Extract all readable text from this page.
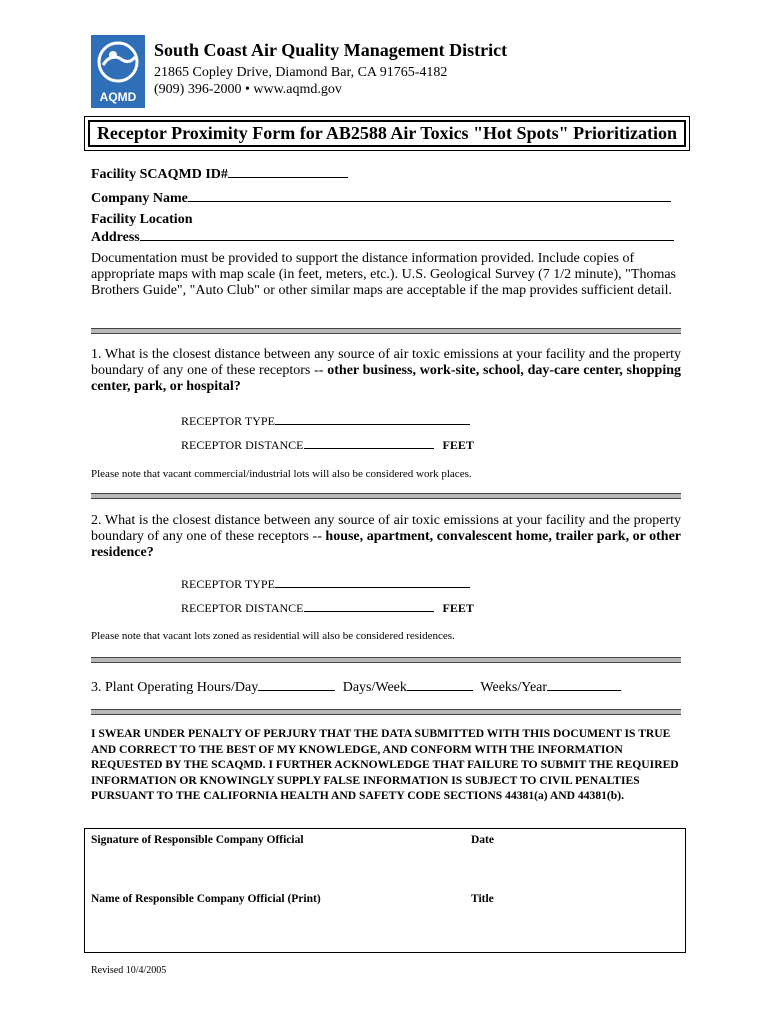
AQMD
South Coast Air Quality Management District
21865 Copley Drive, Diamond Bar, CA 91765-4182
(909) 396-2000 • www.aqmd.gov
Receptor Proximity Form for AB2588 Air Toxics "Hot Spots" Prioritization
Facility SCAQMD ID#
Company Name
Facility Location
Address
Documentation must be provided to support the distance information provided. Include copies of appropriate maps with map scale (in feet, meters, etc.). U.S. Geological Survey (7 1/2 minute), "Thomas Brothers Guide", "Auto Club" or other similar maps are acceptable if the map provides sufficient detail.
1. What is the closest distance between any source of air toxic emissions at your facility and the property boundary of any one of these receptors -- other business, work-site, school, day-care center, shopping center, park, or hospital?
RECEPTOR TYPE
RECEPTOR DISTANCE	FEET
Please note that vacant commercial/industrial lots will also be considered work places.
2. What is the closest distance between any source of air toxic emissions at your facility and the property boundary of any one of these receptors -- house, apartment, convalescent home, trailer park, or other residence?
RECEPTOR TYPE
RECEPTOR DISTANCE	FEET
Please note that vacant lots zoned as residential will also be considered residences.
3. Plant Operating Hours/Day	Days/Week	Weeks/Year
I SWEAR UNDER PENALTY OF PERJURY THAT THE DATA SUBMITTED WITH THIS DOCUMENT IS TRUE AND CORRECT TO THE BEST OF MY KNOWLEDGE, AND CONFORM WITH THE INFORMATION REQUESTED BY THE SCAQMD. I FURTHER ACKNOWLEDGE THAT FAILURE TO SUBMIT THE REQUIRED INFORMATION OR KNOWINGLY SUPPLY FALSE INFORMATION IS SUBJECT TO CIVIL PENALTIES PURSUANT TO THE CALIFORNIA HEALTH AND SAFETY CODE SECTIONS 44381(a) AND 44381(b).
Signature of Responsible Company Official	Date
Name of Responsible Company Official (Print)	Title
Revised 10/4/2005
